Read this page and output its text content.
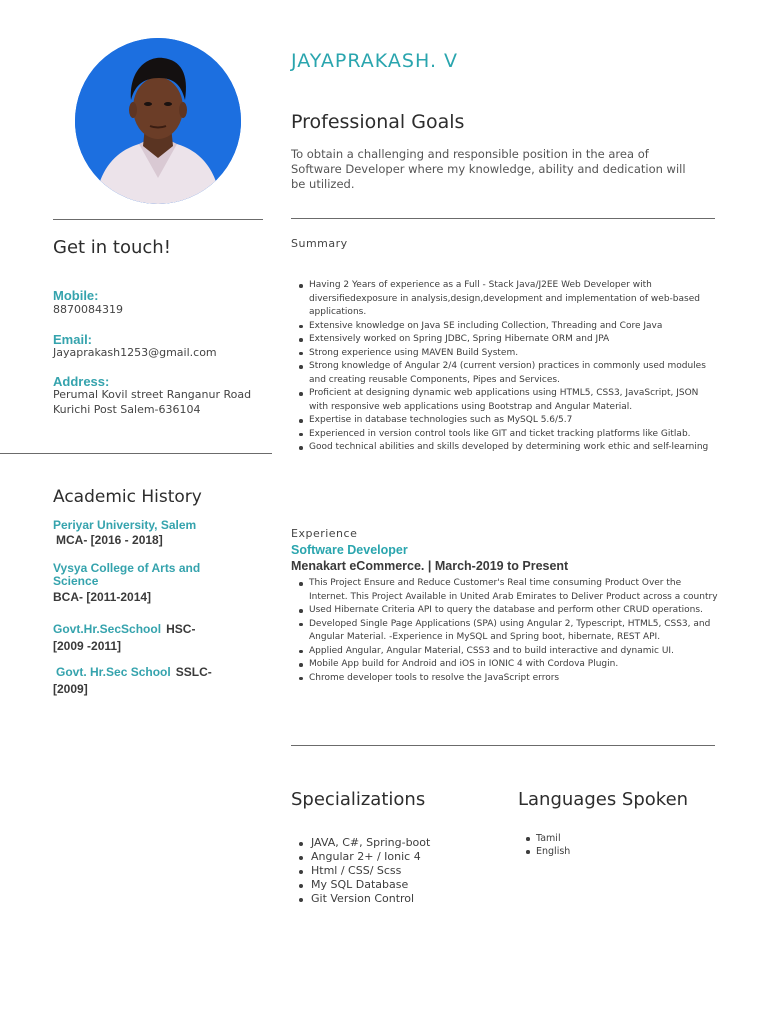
Get in touch!
Mobile:
8870084319
Email:
Jayaprakash1253@gmail.com
Address:
Perumal Kovil street Ranganur Road
Kurichi Post Salem-636104
Academic History
Periyar University, Salem
MCA- [2016 - 2018]
Vysya College of Arts and Science
BCA- [2011-2014]
Govt.Hr.SecSchool HSC-
[2009 -2011]
Govt. Hr.Sec School SSLC-
[2009]
JAYAPRAKASH. V
Professional Goals
To obtain a challenging and responsible position in the area of Software Developer where my knowledge, ability and dedication will be utilized.
Summary
Having 2 Years of experience as a Full - Stack Java/J2EE Web Developer with diversifiedexposure in analysis,design,development and implementation of web-based applications.
Extensive knowledge on Java SE including Collection, Threading and Core Java
Extensively worked on Spring JDBC, Spring Hibernate ORM and JPA
Strong experience using MAVEN Build System.
Strong knowledge of Angular 2/4 (current version) practices in commonly used modules and creating reusable Components, Pipes and Services.
Proficient at designing dynamic web applications using HTML5, CSS3, JavaScript, JSON with responsive web applications using Bootstrap and Angular Material.
Expertise in database technologies such as MySQL 5.6/5.7
Experienced in version control tools like GIT and ticket tracking platforms like Gitlab.
Good technical abilities and skills developed by determining work ethic and self-learning
Experience
Software Developer
Menakart eCommerce. | March-2019 to Present
This Project Ensure and Reduce Customer's Real time consuming Product Over the Internet. This Project Available in United Arab Emirates to Deliver Product across a country
Used Hibernate Criteria API to query the database and perform other CRUD operations.
Developed Single Page Applications (SPA) using Angular 2, Typescript, HTML5, CSS3, and Angular Material. -Experience in MySQL and Spring boot, hibernate, REST API.
Applied Angular, Angular Material, CSS3 and to build interactive and dynamic UI.
Mobile App build for Android and iOS in IONIC 4 with Cordova Plugin.
Chrome developer tools to resolve the JavaScript errors
Specializations
JAVA, C#, Spring-boot
Angular 2+ / Ionic 4
Html / CSS/ Scss
My SQL Database
Git Version Control
Languages Spoken
Tamil
English
